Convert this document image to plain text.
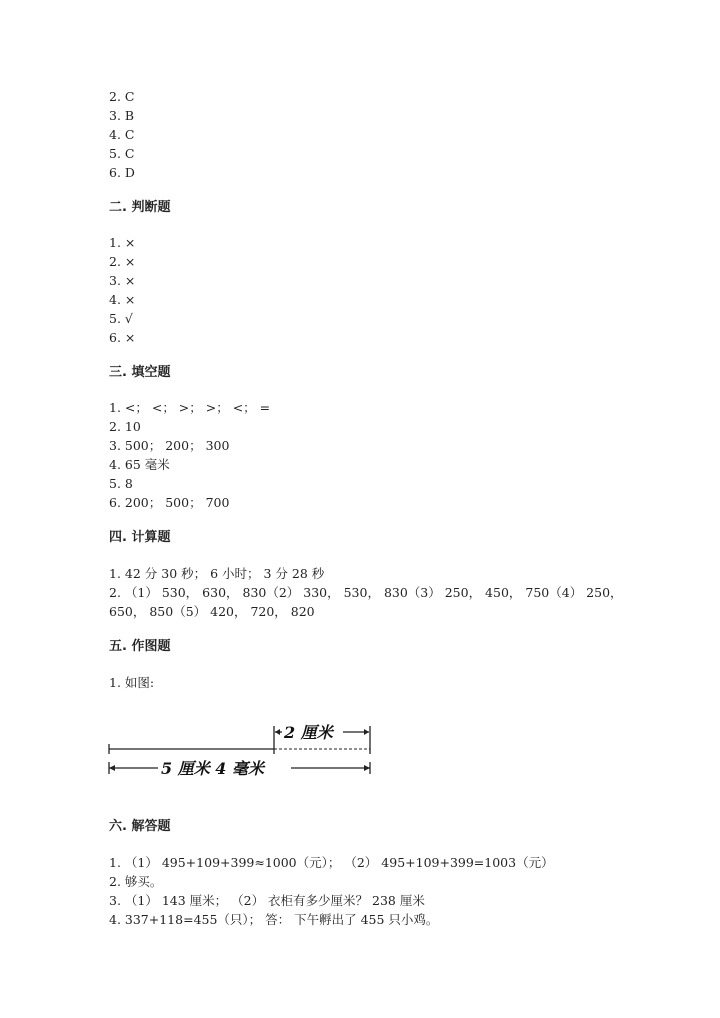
2. C
3. B
4. C
5. C
6. D
二. 判断题
1. ×
2. ×
3. ×
4. ×
5. √
6. ×
三. 填空题
1. <； <； >； >； <； =
2. 10
3. 500； 200； 300
4. 65 毫米
5. 8
6. 200； 500； 700
四. 计算题
1. 42 分 30 秒； 6 小时； 3 分 28 秒
2. （1） 530， 630， 830（2） 330， 530， 830（3） 250， 450， 750（4） 250，
650， 850（5） 420， 720， 820
五. 作图题
1. 如图:
2 厘米
5 厘米 4 毫米
六. 解答题
1. （1） 495+109+399≈1000（元）； （2） 495+109+399=1003（元）
2. 够买。
3. （1） 143 厘米； （2） 衣柜有多少厘米？ 238 厘米
4. 337+118=455（只）； 答： 下午孵出了 455 只小鸡。
